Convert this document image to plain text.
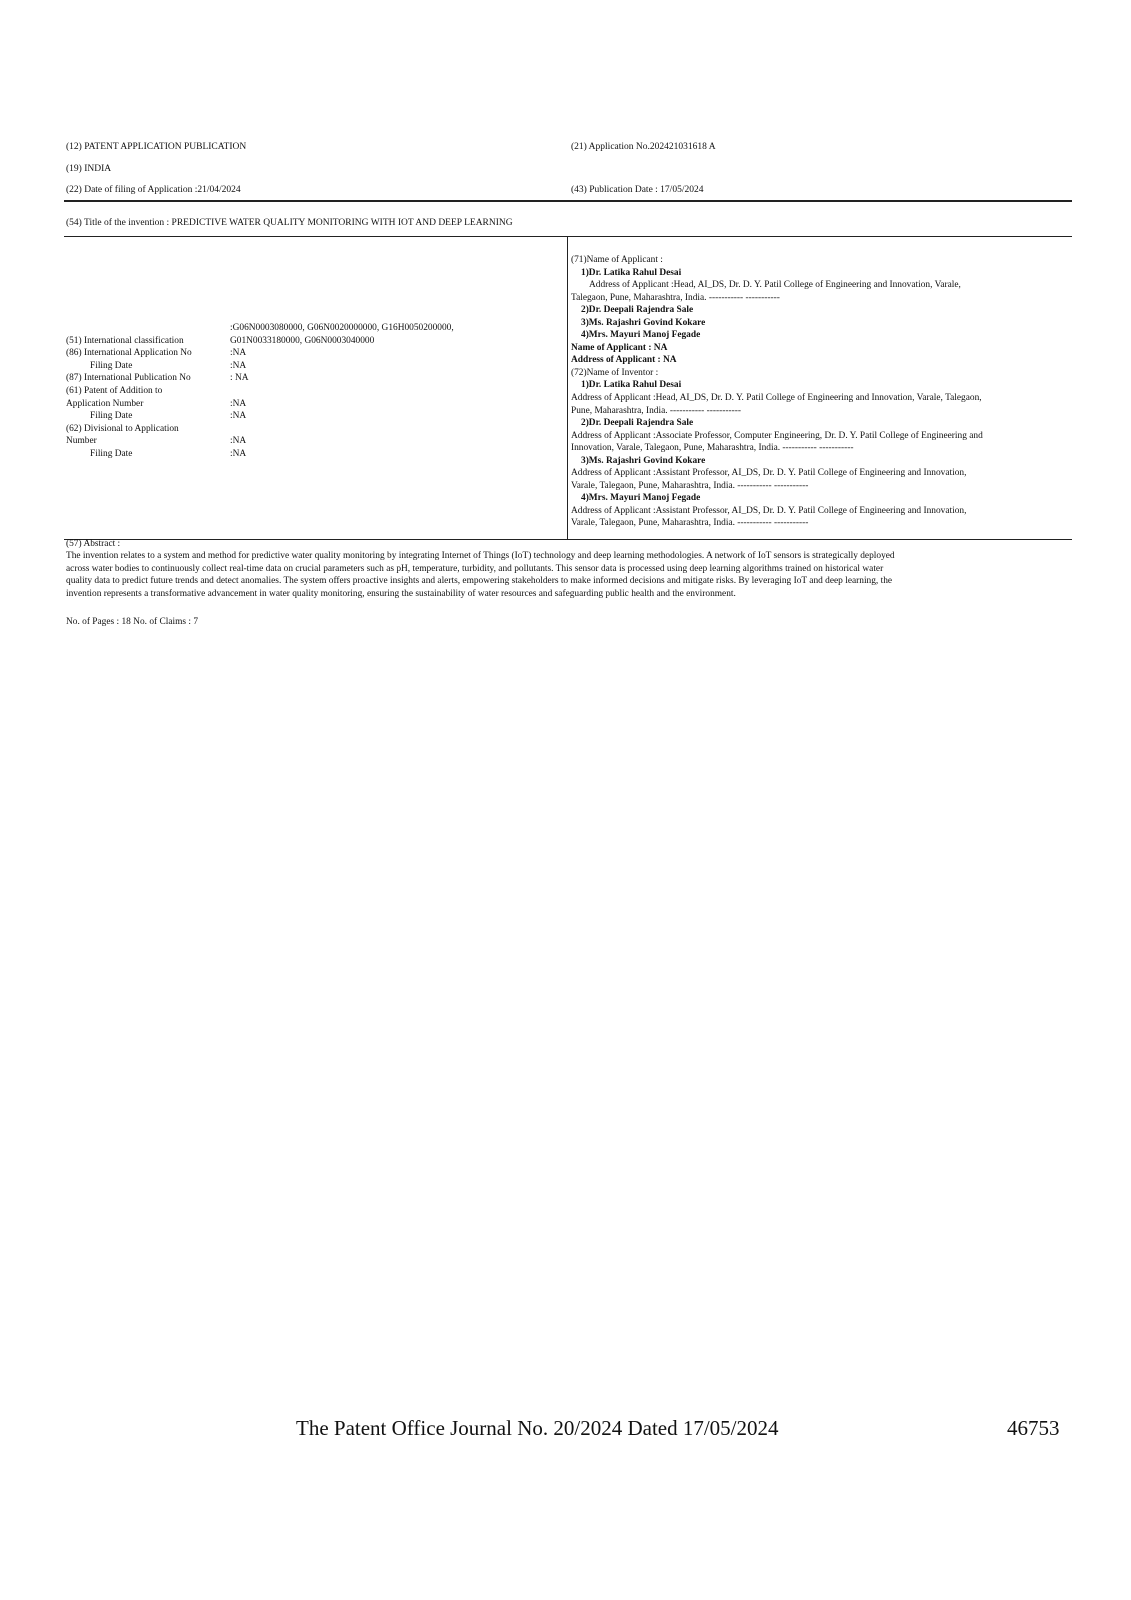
(12) PATENT APPLICATION PUBLICATION	(21) Application No.202421031618 A
(19) INDIA
(22) Date of filing of Application :21/04/2024	(43) Publication Date : 17/05/2024
(54) Title of the invention : PREDICTIVE WATER QUALITY MONITORING WITH IOT AND DEEP LEARNING
(51) International classification
:G06N0003080000, G06N0020000000, G16H0050200000,
G01N0033180000, G06N0003040000
(86) International Application No	:NA
Filing Date	:NA
(87) International Publication No	: NA
(61) Patent of Addition to
Application Number	:NA
Filing Date	:NA
(62) Divisional to Application
Number	:NA
Filing Date	:NA
(71)Name of Applicant :
1)Dr. Latika Rahul Desai
Address of Applicant :Head, AI_DS, Dr. D. Y. Patil College of Engineering and Innovation, Varale,
Talegaon, Pune, Maharashtra, India. ----------- -----------
2)Dr. Deepali Rajendra Sale
3)Ms. Rajashri Govind Kokare
4)Mrs. Mayuri Manoj Fegade
Name of Applicant : NA
Address of Applicant : NA
(72)Name of Inventor :
1)Dr. Latika Rahul Desai
Address of Applicant :Head, AI_DS, Dr. D. Y. Patil College of Engineering and Innovation, Varale, Talegaon,
Pune, Maharashtra, India. ----------- -----------
2)Dr. Deepali Rajendra Sale
Address of Applicant :Associate Professor, Computer Engineering, Dr. D. Y. Patil College of Engineering and
Innovation, Varale, Talegaon, Pune, Maharashtra, India. ----------- -----------
3)Ms. Rajashri Govind Kokare
Address of Applicant :Assistant Professor, AI_DS, Dr. D. Y. Patil College of Engineering and Innovation,
Varale, Talegaon, Pune, Maharashtra, India. ----------- -----------
4)Mrs. Mayuri Manoj Fegade
Address of Applicant :Assistant Professor, AI_DS, Dr. D. Y. Patil College of Engineering and Innovation,
Varale, Talegaon, Pune, Maharashtra, India. ----------- -----------
(57) Abstract :
The invention relates to a system and method for predictive water quality monitoring by integrating Internet of Things (IoT) technology and deep learning methodologies. A network of IoT sensors is strategically deployed
across water bodies to continuously collect real-time data on crucial parameters such as pH, temperature, turbidity, and pollutants. This sensor data is processed using deep learning algorithms trained on historical water
quality data to predict future trends and detect anomalies. The system offers proactive insights and alerts, empowering stakeholders to make informed decisions and mitigate risks. By leveraging IoT and deep learning, the
invention represents a transformative advancement in water quality monitoring, ensuring the sustainability of water resources and safeguarding public health and the environment.
No. of Pages : 18 No. of Claims : 7
The Patent Office Journal No. 20/2024 Dated 17/05/2024	46753
